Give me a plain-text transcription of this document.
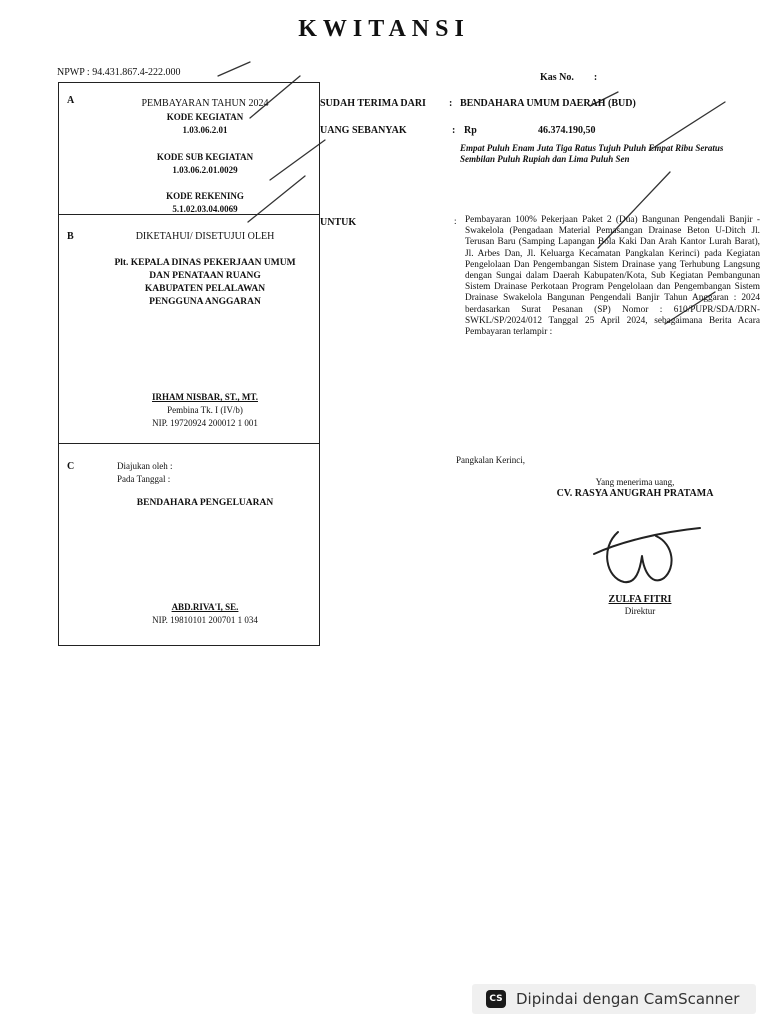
KWITANSI
NPWP : 94.431.867.4-222.000	Kas No. :
A	PEMBAYARAN TAHUN 2024
KODE KEGIATAN
1.03.06.2.01
KODE SUB KEGIATAN
1.03.06.2.01.0029
KODE REKENING
5.1.02.03.04.0069
B	DIKETAHUI/ DISETUJUI OLEH
Plt. KEPALA DINAS PEKERJAAN UMUM
DAN PENATAAN RUANG
KABUPATEN PELALAWAN
PENGGUNA ANGGARAN
IRHAM NISBAR, ST., MT.
Pembina Tk. I (IV/b)
NIP. 19720924 200012 1 001
C	Diajukan oleh :
Pada Tanggal :
BENDAHARA PENGELUARAN
ABD.RIVA'I, SE.
NIP. 19810101 200701 1 034
SUDAH TERIMA DARI : BENDAHARA UMUM DAERAH (BUD)
UANG SEBANYAK	: Rp	46.374.190,50
Empat Puluh Enam Juta Tiga Ratus Tujuh Puluh Empat Ribu Seratus Sembilan Puluh Rupiah dan Lima Puluh Sen
UNTUK	: Pembayaran 100% Pekerjaan Paket 2 (Dua) Bangunan Pengendali Banjir - Swakelola (Pengadaan Material Pemasangan Drainase Beton U-Ditch Jl. Terusan Baru (Samping Lapangan Bola Kaki Dan Arah Kantor Lurah Barat), Jl. Arbes Dan, Jl. Keluarga Kecamatan Pangkalan Kerinci) pada Kegiatan Pengelolaan Dan Pengembangan Sistem Drainase yang Terhubung Langsung dengan Sungai dalam Daerah Kabupaten/Kota, Sub Kegiatan Pembangunan Sistem Drainase Perkotaan Program Pengelolaan dan Pengembangan Sistem Drainase Swakelola Bangunan Pengendali Banjir Tahun Anggaran : 2024 berdasarkan Surat Pesanan (SP) Nomor : 610/PUPR/SDA/DRN-SWKL/SP/2024/012 Tanggal 25 April 2024, sebagaimana Berita Acara Pembayaran terlampir :
Pangkalan Kerinci,
Yang menerima uang,
CV. RASYA ANUGRAH PRATAMA
ZULFA FITRI
Direktur
CS Dipindai dengan CamScanner
